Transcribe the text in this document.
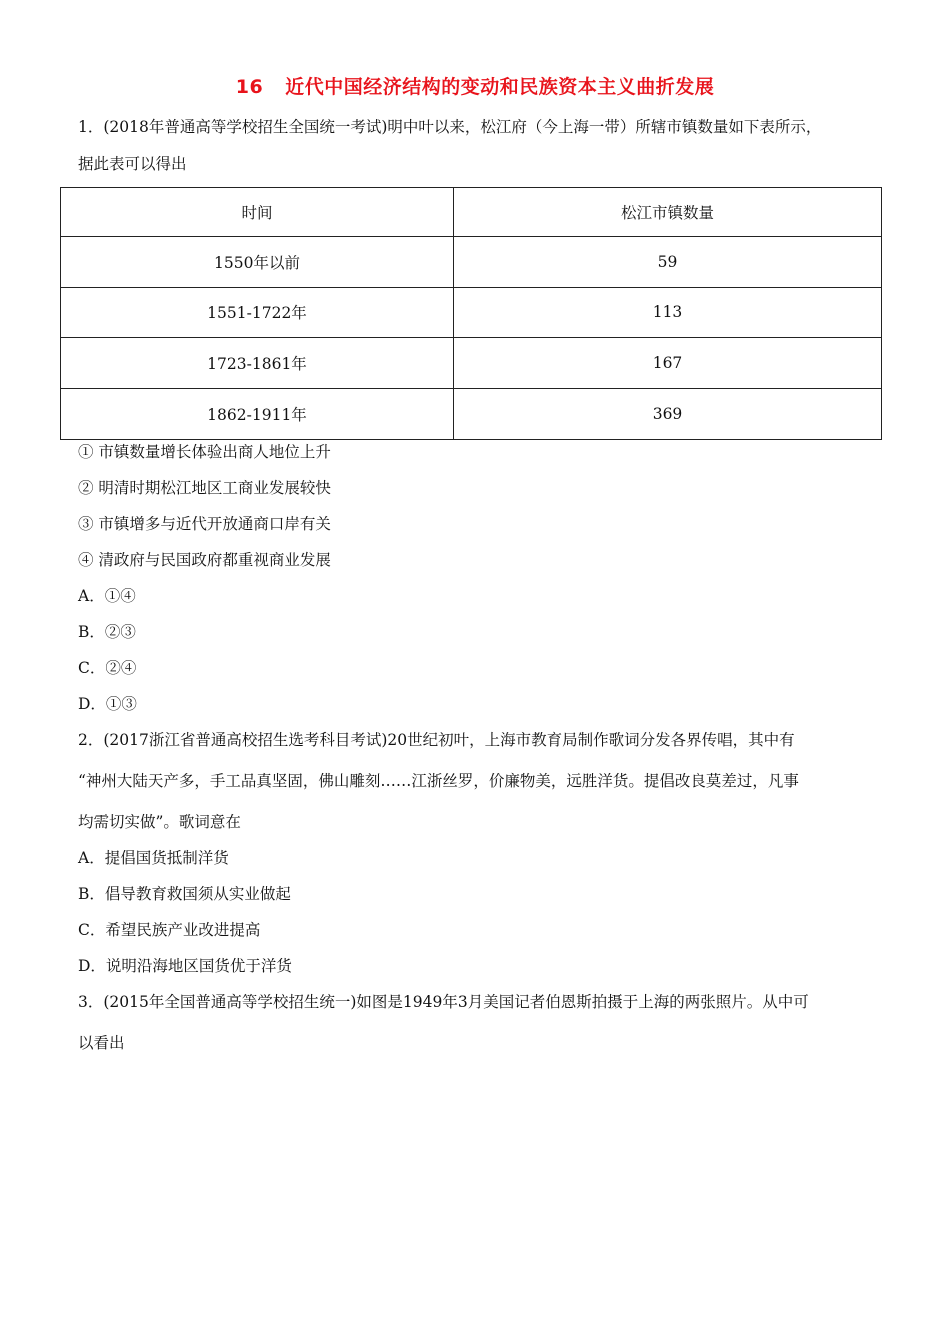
16 近代中国经济结构的变动和民族资本主义曲折发展
1．(2018年普通高等学校招生全国统一考试)明中叶以来，松江府（今上海一带）所辖市镇数量如下表所示，
据此表可以得出
时间	松江市镇数量
1550年以前	59
1551-1722年	113
1723-1861年	167
1862-1911年	369
① 市镇数量增长体验出商人地位上升
② 明清时期松江地区工商业发展较快
③ 市镇增多与近代开放通商口岸有关
④ 清政府与民国政府都重视商业发展
A．①④
B．②③
C．②④
D．①③
2．(2017浙江省普通高校招生选考科目考试)20世纪初叶，上海市教育局制作歌词分发各界传唱，其中有
“神州大陆天产多，手工品真坚固，佛山雕刻……江浙丝罗，价廉物美，远胜洋货。提倡改良莫差过，凡事
均需切实做”。歌词意在
A．提倡国货抵制洋货
B．倡导教育救国须从实业做起
C．希望民族产业改进提高
D．说明沿海地区国货优于洋货
3．(2015年全国普通高等学校招生统一)如图是1949年3月美国记者伯恩斯拍摄于上海的两张照片。从中可
以看出
